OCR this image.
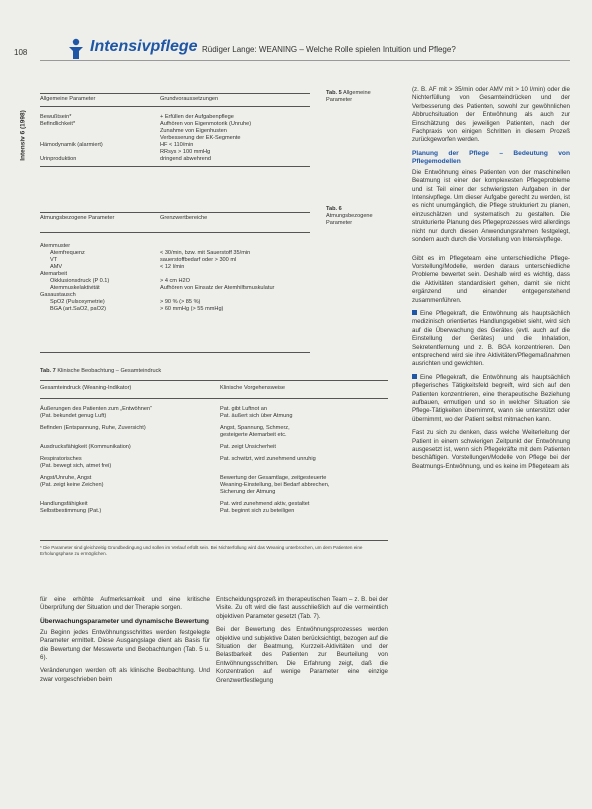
108	Intensivpflege Rüdiger Lange: WEANING – Welche Rolle spielen Intuition und Pflege?
Intensiv 6 (1998)
Allgemeine Parameter	Grundvoraussetzungen
Bewußtsein*	+ Erfüllen der Aufgabenpflege
Befindlichkeit*	Aufhören von Eigenmotorik (Unruhe)
Zunahme von Eigenhusten
Verbesserung der EK-Segmente
Hämodynamik (alarmiert)	HF < 110/min
RRsys > 100 mmHg
Urinproduktion	dringend abwehrend
Tab. 5 Allgemeine Parameter
Atmungsbezogene Parameter	Grenzwertbereiche
Atemmuster
Atemfrequenz	< 30/min, bzw. mit Sauerstoff 35/min
VT	sauerstoffbedarf oder > 300 ml
AMV	< 12 l/min
Atemarbeit
Okklusionsdruck (P 0.1)	> 4 cm H2O
Atemmuskelaktivität	Aufhören von Einsatz der Atemhilfsmuskulatur
Gasaustausch
SpO2 (Pulsoxymetrie)	> 90 % (> 85 %)
BGA (art.SaO2, paO2)	> 60 mmHg (> 55 mmHg)
Tab. 6 Atmungsbezogene Parameter
Tab. 7 Klinische Beobachtung – Gesamteindruck
Gesamteindruck (Weaning-Indikator)	Klinische Vorgehensweise
Äußerungen des Patienten zum „Entwöhnen“	Pat. gibt Luftnot an
(Pat. bekundet genug Luft)	Pat. äußert sich über Atmung
Befinden (Entspannung, Ruhe, Zuversicht)	Angst, Spannung, Schmerz,
gesteigerte Atemarbeit etc.
Ausdrucksfähigkeit (Kommunikation)	Pat. zeigt Unsicherheit
Respiratorisches	Pat. schwitzt, wird zunehmend unruhig
(Pat. bewegt sich, atmet frei)
Angst/Unruhe, Angst	Bewertung der Gesamtlage, zeitgesteuerte
(Pat. zeigt keine Zeichen)	Weaning-Einstellung, bei Bedarf abbrechen,
Sicherung der Atmung
Handlungsfähigkeit	Pat. wird zunehmend aktiv, gestaltet
Selbstbestimmung (Pat.)	Pat. beginnt sich zu beteiligen
* Die Parameter sind gleichzeitig Grundbedingung und sollen im Verlauf erfüllt sein. Bei Nichterfüllung wird das Weaning unterbrochen, um dem Patienten eine Erholungsphase zu ermöglichen.

(z. B. AF mit > 35/min oder AMV mit > 10 l/min) oder die Nichterfüllung von Gesamteindrücken und der Verbesserung des Patienten, sowohl zur gewöhnlichen Abbruchsituation der Entwöhnung als auch zur Einschätzung des jeweiligen Patienten, nach der Fachpraxis von einigen Schritten in diesem Prozeß zurückgeworfen werden.

Planung der Pflege – Bedeutung von Pflegemodellen

Die Entwöhnung eines Patienten von der maschinellen Beatmung ist einer der komplexesten Pflegeprobleme und ist Teil einer der schwierigsten Aufgaben in der Intensivpflege. Um dieser Aufgabe gerecht zu werden, ist es nicht unumgänglich, die Pflege strukturiert zu planen, einzuschätzen und systematisch zu gestalten. Die strukturierte Planung des Pflegeprozesses wird allerdings nicht nur durch diesen Anwendungsrahmen festgelegt, sondern auch durch die Vorstellung von Intensivpflege.

Gibt es im Pflegeteam eine unterschiedliche Pflege-Vorstellung/Modelle, werden daraus unterschiedliche Probleme bewertet sein. Deshalb wird es wichtig, dass die Aktivitäten standardisiert gehen, damit sie nicht ergänzend und einander entgegenstehend zusammenführen.

Eine Pflegekraft, die Entwöhnung als hauptsächlich medizinisch orientiertes Handlungsgebiet sieht, wird sich auf die Überwachung des Gerätes (evtl. auch auf die Einstellung der Gerätes) und die Inhalation, Sekretentfernung und z. B. BGA konzentrieren. Den entsprechend wird sie ihre Aktivitäten/Pflegemaßnahmen ausrichten und gewichten.

Eine Pflegekraft, die Entwöhnung als hauptsächlich pflegerisches Tätigkeitsfeld begreift, wird sich auf den Patienten konzentrieren, eine therapeutische Beziehung aufbauen, ermutigen und so in welcher Situation sie Pflege-Tätigkeiten übernimmt, wann sie unterstützt oder übernimmt, wo der Patient selbst mitmachen kann.

Fast zu sich zu denken, dass welche Weiterleitung der Patient in einem schwierigen Zeitpunkt der Entwöhnung ausgesetzt ist, wenn sich Pflegekräfte mit dem Patienten beschäftigen. Vorstellungen/Modelle von Pflege bei der Beatmungs-Entwöhnung, und es keine im Pflegeteam als

für eine erhöhte Aufmerksamkeit und eine kritische Überprüfung der Situation und der Therapie sorgen.

Überwachungsparameter und dynamische Bewertung

Zu Beginn jedes Entwöhnungsschrittes werden festgelegte Parameter ermittelt. Diese Ausgangslage dient als Basis für die Bewertung der Messwerte und Beobachtungen (Tab. 5 u. 6).

Veränderungen werden oft als klinische Beobachtung. Und zwar vorgeschrieben beim

Entscheidungsprozeß im therapeutischen Team – z. B. bei der Visite. Zu oft wird die fast ausschließlich auf die vermeintlich objektiven Parameter gesetzt (Tab. 7).

Bei der Bewertung des Entwöhnungsprozesses werden objektive und subjektive Daten berücksichtigt, bezogen auf die Situation der Beatmung, Kurzzeit-Aktivitäten und der Belastbarkeit des Patienten zur Beurteilung von Entwöhnungsschritten. Die Erfahrung zeigt, daß die Konzentration auf wenige Parameter eine einzige Grenzwertfestlegung
